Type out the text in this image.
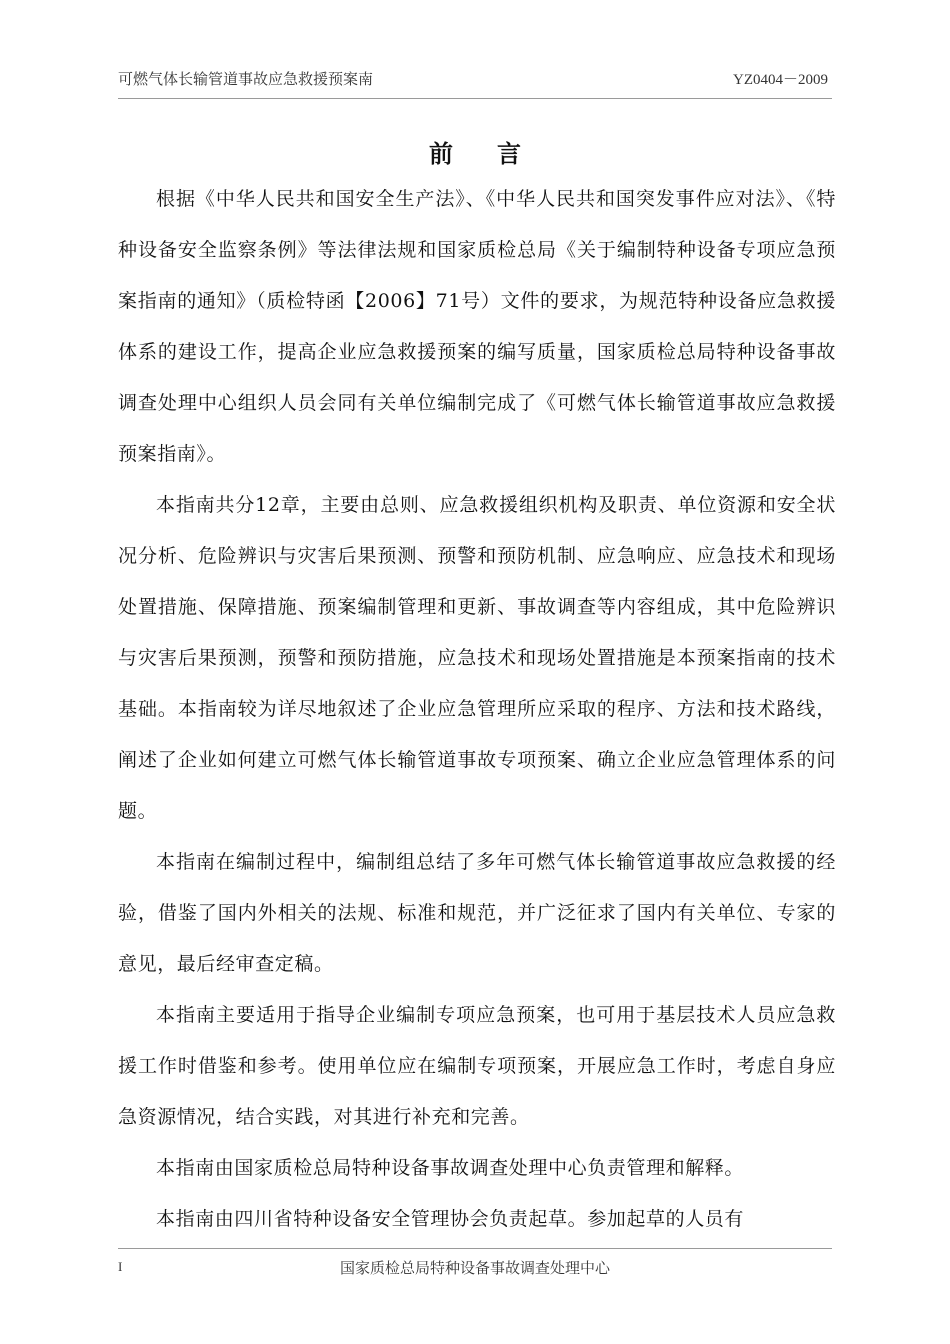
可燃气体长输管道事故应急救援预案南	YZ0404－2009
前言

根据《中华人民共和国安全生产法》、《中华人民共和国突发事件应对法》、《特种设备安全监察条例》等法律法规和国家质检总局《关于编制特种设备专项应急预案指南的通知》（质检特函【2006】71号）文件的要求，为规范特种设备应急救援体系的建设工作，提高企业应急救援预案的编写质量，国家质检总局特种设备事故调查处理中心组织人员会同有关单位编制完成了《可燃气体长输管道事故应急救援预案指南》。

本指南共分12章，主要由总则、应急救援组织机构及职责、单位资源和安全状况分析、危险辨识与灾害后果预测、预警和预防机制、应急响应、应急技术和现场处置措施、保障措施、预案编制管理和更新、事故调查等内容组成，其中危险辨识与灾害后果预测，预警和预防措施，应急技术和现场处置措施是本预案指南的技术基础。本指南较为详尽地叙述了企业应急管理所应采取的程序、方法和技术路线，阐述了企业如何建立可燃气体长输管道事故专项预案、确立企业应急管理体系的问题。

本指南在编制过程中，编制组总结了多年可燃气体长输管道事故应急救援的经验，借鉴了国内外相关的法规、标准和规范，并广泛征求了国内有关单位、专家的意见，最后经审查定稿。

本指南主要适用于指导企业编制专项应急预案，也可用于基层技术人员应急救援工作时借鉴和参考。使用单位应在编制专项预案，开展应急工作时，考虑自身应急资源情况，结合实践，对其进行补充和完善。

本指南由国家质检总局特种设备事故调查处理中心负责管理和解释。

本指南由四川省特种设备安全管理协会负责起草。参加起草的人员有

I	国家质检总局特种设备事故调查处理中心
